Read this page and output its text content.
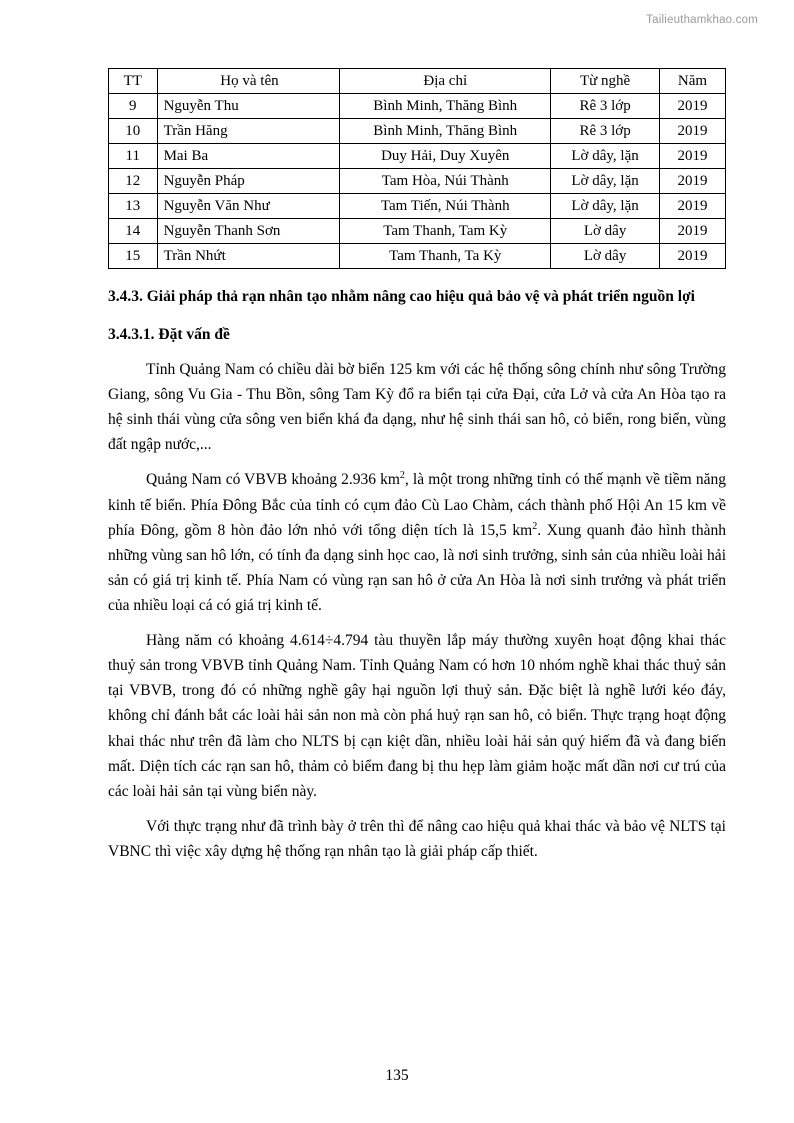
Tailieuthamkhao.com
TT	Họ và tên	Địa chỉ	Từ nghề	Năm
9	Nguyễn Thu	Bình Minh, Thăng Bình	Rê 3 lớp	2019
10	Trần Hăng	Bình Minh, Thăng Bình	Rê 3 lớp	2019
11	Mai Ba	Duy Hải, Duy Xuyên	Lờ dây, lặn	2019
12	Nguyễn Pháp	Tam Hòa, Núi Thành	Lờ dây, lặn	2019
13	Nguyễn Văn Như	Tam Tiến, Núi Thành	Lờ dây, lặn	2019
14	Nguyễn Thanh Sơn	Tam Thanh, Tam Kỳ	Lờ dây	2019
15	Trần Nhứt	Tam Thanh, Ta Kỳ	Lờ dây	2019
3.4.3. Giải pháp thả rạn nhân tạo nhằm nâng cao hiệu quả bảo vệ và phát triển nguồn lợi
3.4.3.1. Đặt vấn đề

Tỉnh Quảng Nam có chiều dài bờ biển 125 km với các hệ thống sông chính như sông Trường Giang, sông Vu Gia - Thu Bồn, sông Tam Kỳ đổ ra biển tại cửa Đại, cửa Lở và cửa An Hòa tạo ra hệ sinh thái vùng cửa sông ven biển khá đa dạng, như hệ sinh thái san hô, cỏ biển, rong biển, vùng đất ngập nước,...

Quảng Nam có VBVB khoảng 2.936 $km^2$, là một trong những tỉnh có thế mạnh về tiềm năng kinh tế biển. Phía Đông Bắc của tỉnh có cụm đảo Cù Lao Chàm, cách thành phố Hội An 15 km về phía Đông, gồm 8 hòn đảo lớn nhỏ với tổng diện tích là 15,5 $km^2$. Xung quanh đảo hình thành những vùng san hô lớn, có tính đa dạng sinh học cao, là nơi sinh trưởng, sinh sản của nhiều loài hải sản có giá trị kinh tế. Phía Nam có vùng rạn san hô ở cửa An Hòa là nơi sinh trưởng và phát triển của nhiều loại cá có giá trị kinh tế.

Hàng năm có khoảng 4.614÷4.794 tàu thuyền lắp máy thường xuyên hoạt động khai thác thuỷ sản trong VBVB tỉnh Quảng Nam. Tỉnh Quảng Nam có hơn 10 nhóm nghề khai thác thuỷ sản tại VBVB, trong đó có những nghề gây hại nguồn lợi thuỷ sản. Đặc biệt là nghề lưới kéo đáy, không chỉ đánh bắt các loài hải sản non mà còn phá huỷ rạn san hô, cỏ biển. Thực trạng hoạt động khai thác như trên đã làm cho NLTS bị cạn kiệt dần, nhiều loài hải sản quý hiếm đã và đang biến mất. Diện tích các rạn san hô, thảm cỏ biểm đang bị thu hẹp làm giảm hoặc mất dần nơi cư trú của các loài hải sản tại vùng biển này.

Với thực trạng như đã trình bày ở trên thì để nâng cao hiệu quả khai thác và bảo vệ NLTS tại VBNC thì việc xây dựng hệ thống rạn nhân tạo là giải pháp cấp thiết.

135
